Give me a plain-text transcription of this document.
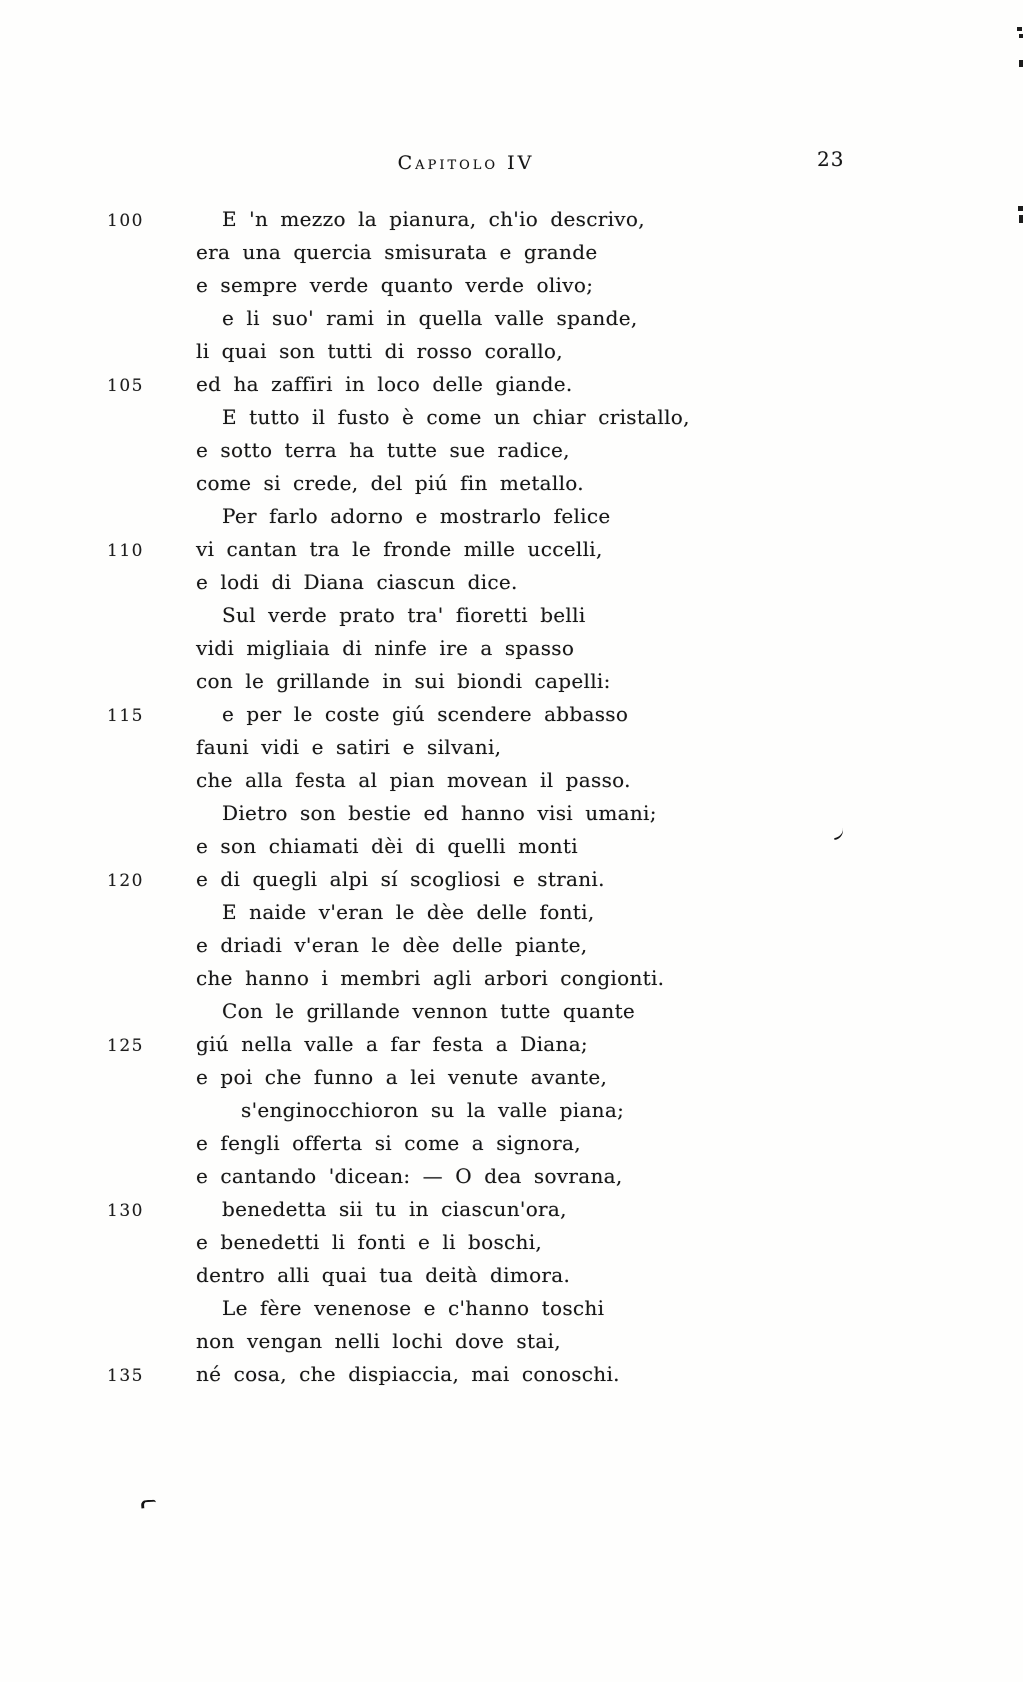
Capitolo IV	23
100	E 'n mezzo la pianura, ch'io descrivo,
era una quercia smisurata e grande
e sempre verde quanto verde olivo;
e li suo' rami in quella valle spande,
li quai son tutti di rosso corallo,
105	ed ha zaffiri in loco delle giande.
E tutto il fusto è come un chiar cristallo,
e sotto terra ha tutte sue radice,
come si crede, del piú fin metallo.
Per farlo adorno e mostrarlo felice
110	vi cantan tra le fronde mille uccelli,
e lodi di Diana ciascun dice.
Sul verde prato tra' fioretti belli
vidi migliaia di ninfe ire a spasso
con le grillande in sui biondi capelli:
115	e per le coste giú scendere abbasso
fauni vidi e satiri e silvani,
che alla festa al pian movean il passo.
Dietro son bestie ed hanno visi umani;
e son chiamati dèi di quelli monti
120	e di quegli alpi sí scogliosi e strani.
E naide v'eran le dèe delle fonti,
e driadi v'eran le dèe delle piante,
che hanno i membri agli arbori congionti.
Con le grillande vennon tutte quante
125	giú nella valle a far festa a Diana;
e poi che funno a lei venute avante,
s'enginocchioron su la valle piana;
e fengli offerta si come a signora,
e cantando 'dicean: — O dea sovrana,
130	benedetta sii tu in ciascun'ora,
e benedetti li fonti e li boschi,
dentro alli quai tua deità dimora.
Le fère venenose e c'hanno toschi
non vengan nelli lochi dove stai,
135	né cosa, che dispiaccia, mai conoschi.
